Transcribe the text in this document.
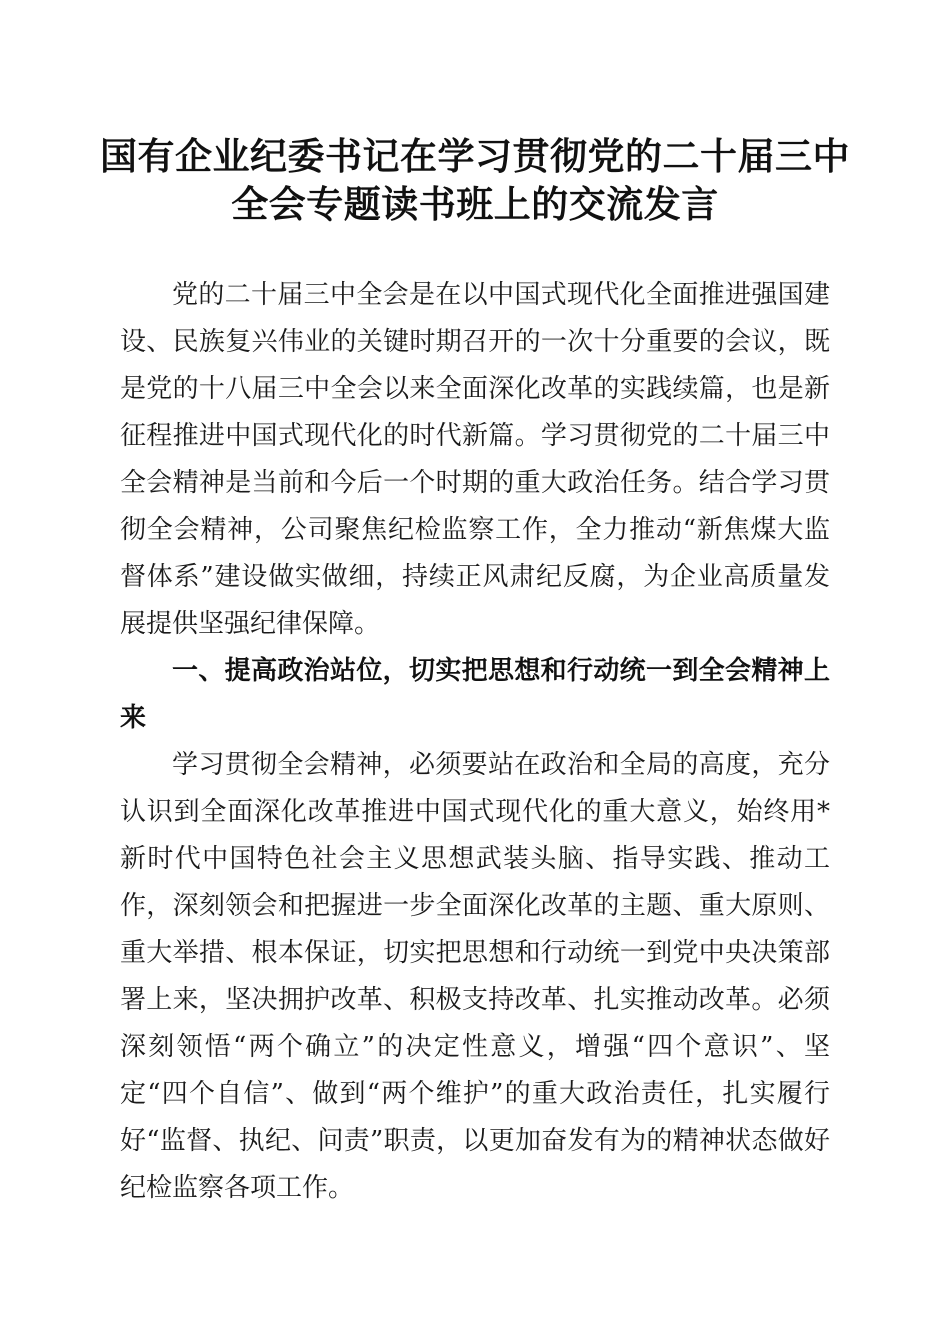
国有企业纪委书记在学习贯彻党的二十届三中全会专题读书班上的交流发言

党的二十届三中全会是在以中国式现代化全面推进强国建设、民族复兴伟业的关键时期召开的一次十分重要的会议，既是党的十八届三中全会以来全面深化改革的实践续篇，也是新征程推进中国式现代化的时代新篇。学习贯彻党的二十届三中全会精神是当前和今后一个时期的重大政治任务。结合学习贯彻全会精神，公司聚焦纪检监察工作，全力推动“新焦煤大监督体系”建设做实做细，持续正风肃纪反腐，为企业高质量发展提供坚强纪律保障。

一、提高政治站位，切实把思想和行动统一到全会精神上来

学习贯彻全会精神，必须要站在政治和全局的高度，充分认识到全面深化改革推进中国式现代化的重大意义，始终用*新时代中国特色社会主义思想武装头脑、指导实践、推动工作，深刻领会和把握进一步全面深化改革的主题、重大原则、重大举措、根本保证，切实把思想和行动统一到党中央决策部署上来，坚决拥护改革、积极支持改革、扎实推动改革。必须深刻领悟“两个确立”的决定性意义，增强“四个意识”、坚定“四个自信”、做到“两个维护”的重大政治责任，扎实履行好“监督、执纪、问责”职责，以更加奋发有为的精神状态做好纪检监察各项工作。
